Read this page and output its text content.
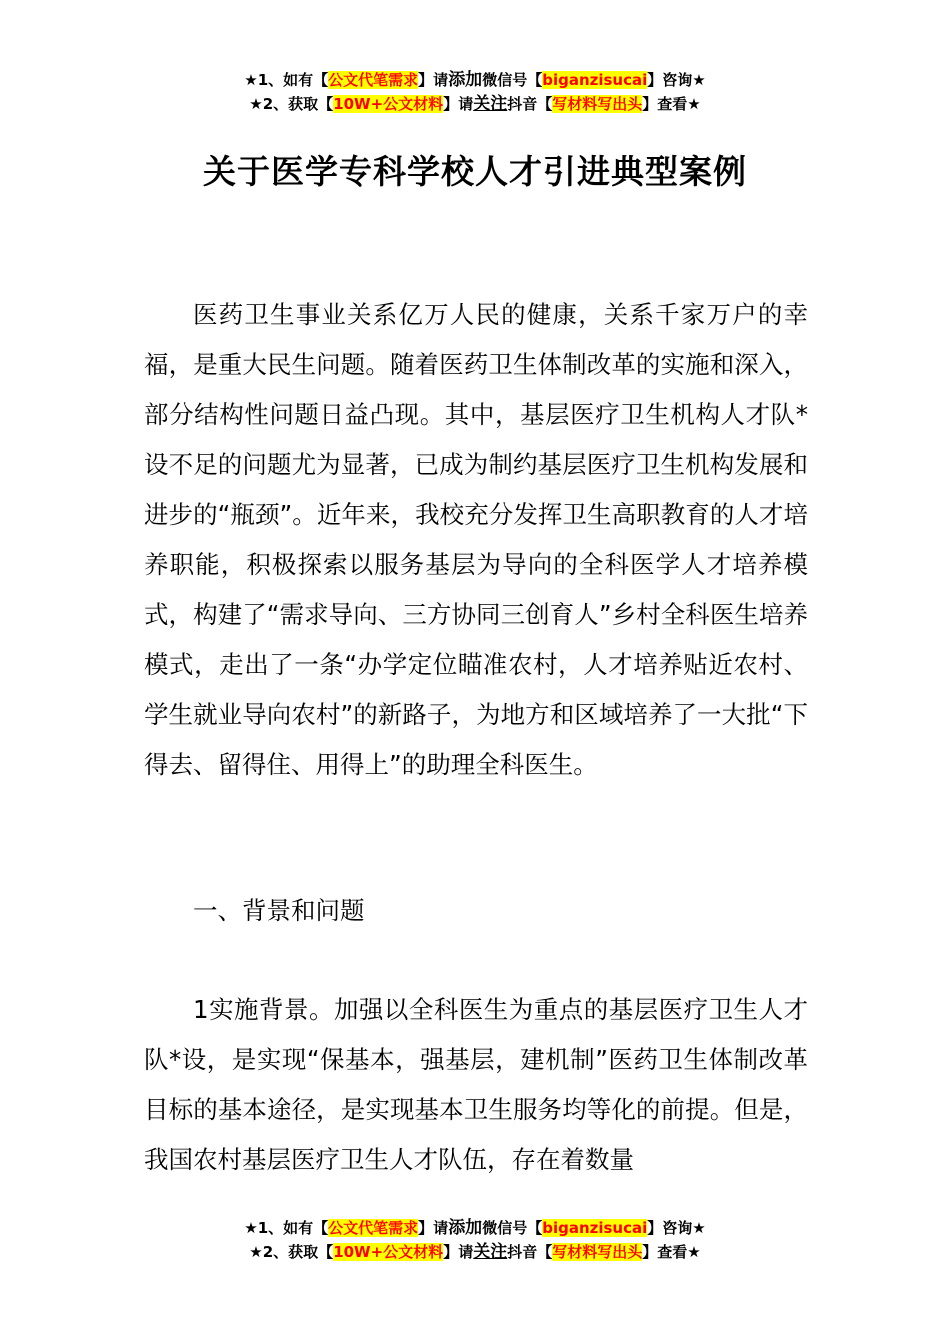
★1、如有【公文代笔需求】请添加微信号【biganzisucai】咨询★
★2、获取【10W+公文材料】请关注抖音【写材料写出头】查看★
关于医学专科学校人才引进典型案例
医药卫生事业关系亿万人民的健康，关系千家万户的幸福，是重大民生问题。随着医药卫生体制改革的实施和深入，部分结构性问题日益凸现。其中，基层医疗卫生机构人才队*设不足的问题尤为显著，已成为制约基层医疗卫生机构发展和进步的“瓶颈”。近年来，我校充分发挥卫生高职教育的人才培养职能，积极探索以服务基层为导向的全科医学人才培养模式，构建了“需求导向、三方协同三创育人”乡村全科医生培养模式，走出了一条“办学定位瞄准农村，人才培养贴近农村、学生就业导向农村”的新路子，为地方和区域培养了一大批“下得去、留得住、用得上”的助理全科医生。
一、背景和问题
1实施背景。加强以全科医生为重点的基层医疗卫生人才队*设，是实现“保基本，强基层，建机制”医药卫生体制改革目标的基本途径，是实现基本卫生服务均等化的前提。但是，我国农村基层医疗卫生人才队伍，存在着数量
★1、如有【公文代笔需求】请添加微信号【biganzisucai】咨询★
★2、获取【10W+公文材料】请关注抖音【写材料写出头】查看★
